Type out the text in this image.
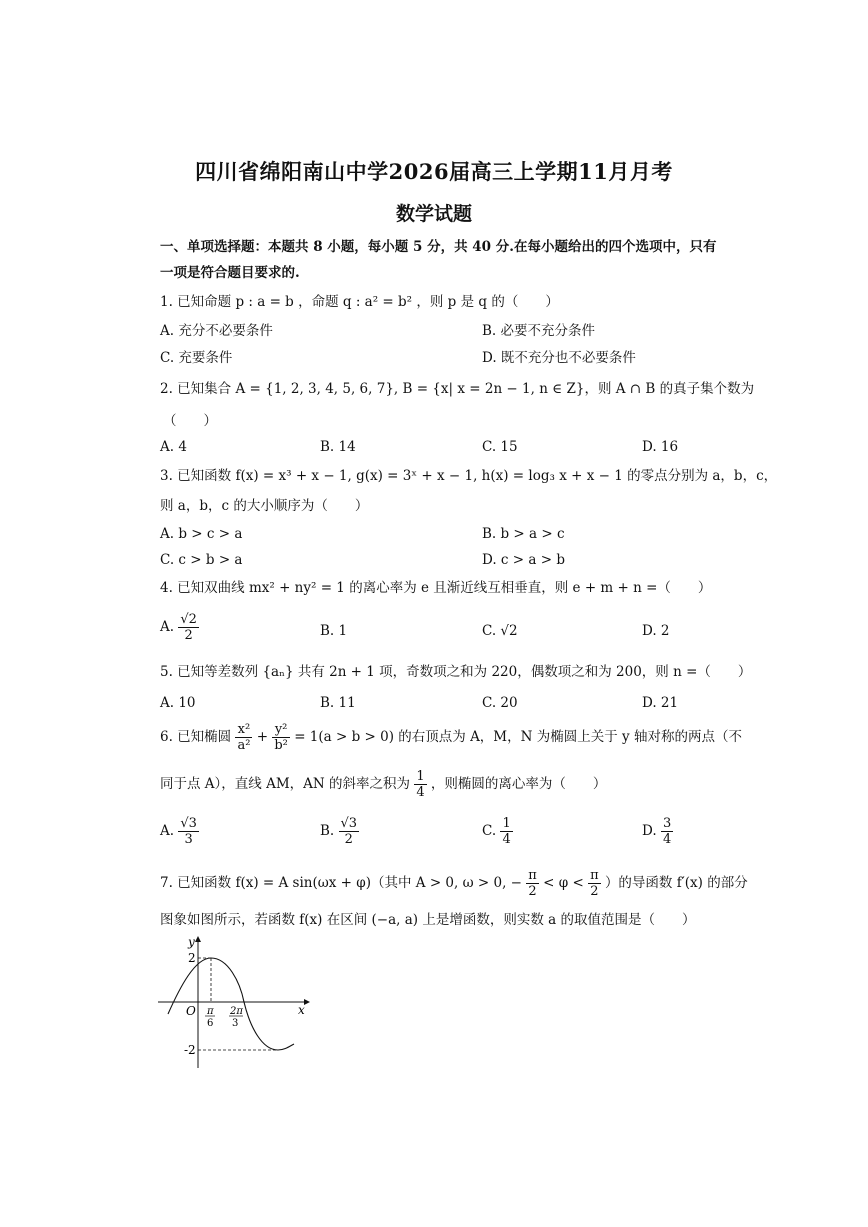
四川省绵阳南山中学2026届高三上学期11月月考
数学试题
一、单项选择题：本题共 8 小题，每小题 5 分，共 40 分.在每小题给出的四个选项中，只有
一项是符合题目要求的.
1. 已知命题 p : a = b ，命题 q : a² = b² ，则 p 是 q 的（　　）
A. 充分不必要条件	B. 必要不充分条件
C. 充要条件	D. 既不充分也不必要条件
2. 已知集合 A = {1, 2, 3, 4, 5, 6, 7}, B = {x| x = 2n − 1, n ∈ Z}，则 A ∩ B 的真子集个数为
（　　）
A. 4	B. 14	C. 15	D. 16
3. 已知函数 f(x) = x³ + x − 1, g(x) = 3ˣ + x − 1, h(x) = log₃ x + x − 1 的零点分别为 a，b，c，
则 a，b，c 的大小顺序为（　　）
A. b > c > a	B. b > a > c
C. c > b > a	D. c > a > b
4. 已知双曲线 mx² + ny² = 1 的离心率为 e 且渐近线互相垂直，则 e + m + n =（　　）
A. $\frac{√2}{2}$	B. 1	C. √2	D. 2
5. 已知等差数列 {aₙ} 共有 2n + 1 项，奇数项之和为 220，偶数项之和为 200，则 n =（　　）
A. 10	B. 11	C. 20	D. 21
6. 已知椭圆 $\frac{\text{x²}}{\text{a²}} + \frac{\text{y²}}{\text{b²}} = 1(a > b > 0)$ 的右顶点为 A，M，N 为椭圆上关于 y 轴对称的两点（不
同于点 A），直线 AM，AN 的斜率之积为 $\frac{1}{4}$ ，则椭圆的离心率为（　　）
A. $\frac{√3}{3}$	B. $\frac{√3}{2}$	C. $\frac{1}{4}$	D. $\frac{3}{4}$
7. 已知函数 f(x) = A sin(ωx + φ)（其中 A > 0, ω > 0, − $\frac{\pi}{2} < \varphi < \frac{\pi}{2}$ ）的导函数 f′(x) 的部分
图象如图所示，若函数 f(x) 在区间 (−a, a) 上是增函数，则实数 a 的取值范围是（　　）
y
x
O
2
-2
π
6
2π
3
